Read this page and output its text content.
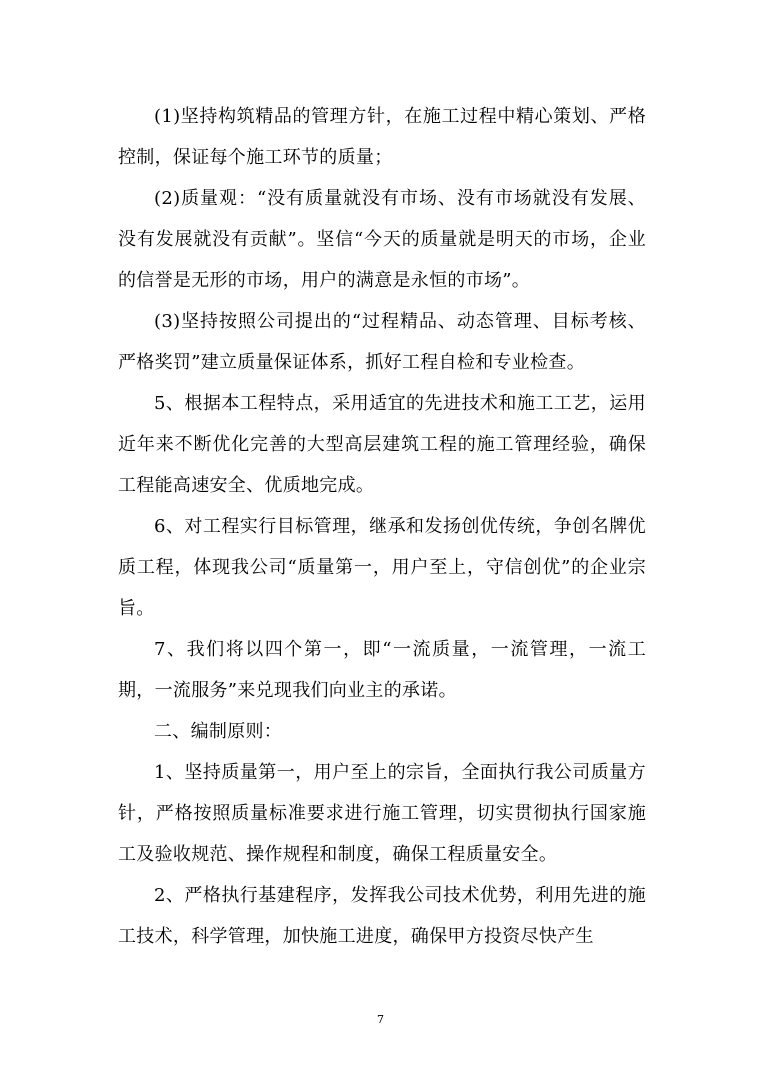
(1)坚持构筑精品的管理方针，在施工过程中精心策划、严格控制，保证每个施工环节的质量；

(2)质量观：“没有质量就没有市场、没有市场就没有发展、没有发展就没有贡献”。坚信“今天的质量就是明天的市场，企业的信誉是无形的市场，用户的满意是永恒的市场”。

(3)坚持按照公司提出的“过程精品、动态管理、目标考核、严格奖罚”建立质量保证体系，抓好工程自检和专业检查。

5、根据本工程特点，采用适宜的先进技术和施工工艺，运用近年来不断优化完善的大型高层建筑工程的施工管理经验，确保工程能高速安全、优质地完成。

6、对工程实行目标管理，继承和发扬创优传统，争创名牌优质工程，体现我公司“质量第一，用户至上，守信创优”的企业宗旨。

7、我们将以四个第一，即“一流质量，一流管理，一流工期，一流服务”来兑现我们向业主的承诺。

二、编制原则：

1、坚持质量第一，用户至上的宗旨，全面执行我公司质量方针，严格按照质量标准要求进行施工管理，切实贯彻执行国家施工及验收规范、操作规程和制度，确保工程质量安全。

2、严格执行基建程序，发挥我公司技术优势，利用先进的施工技术，科学管理，加快施工进度，确保甲方投资尽快产生

7
